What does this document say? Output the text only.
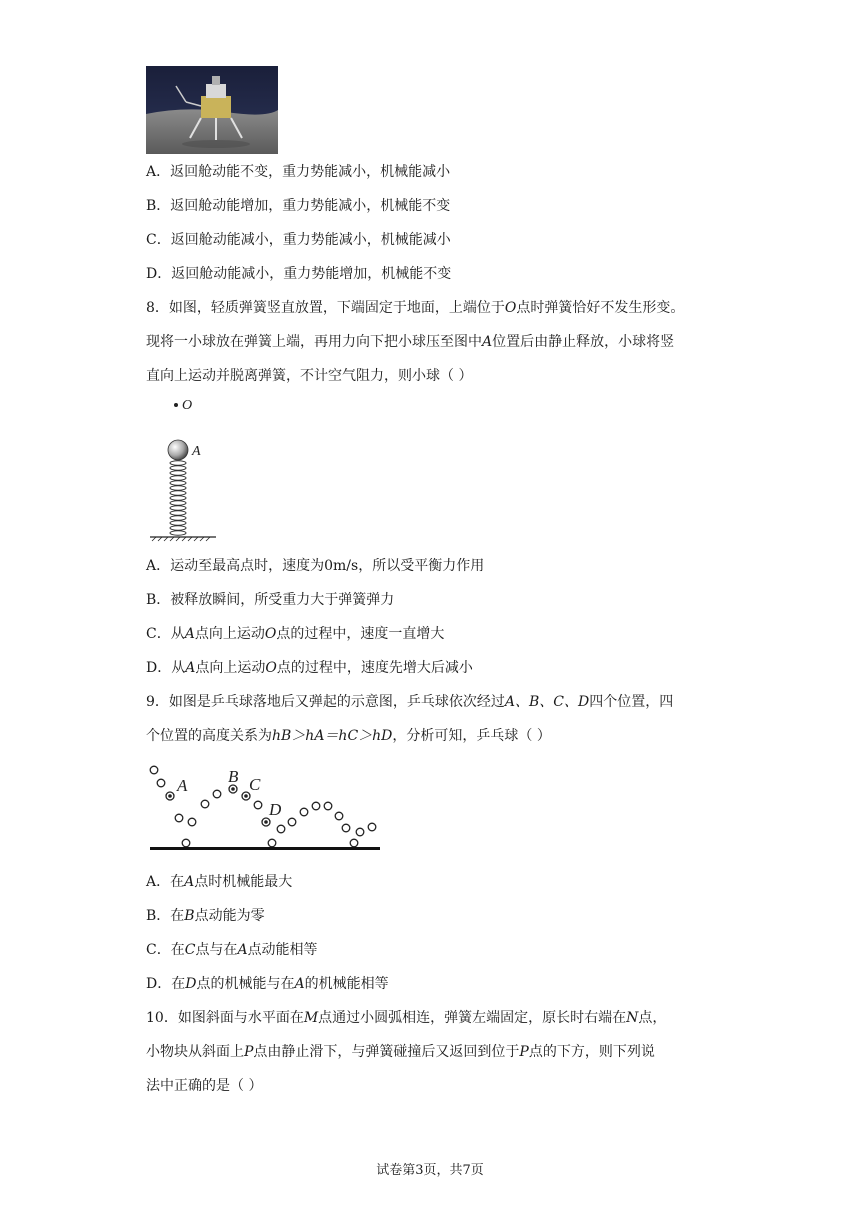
A．返回舱动能不变，重力势能减小，机械能减小
B．返回舱动能增加，重力势能减小，机械能不变
C．返回舱动能减小，重力势能减小，机械能减小
D．返回舱动能减小，重力势能增加，机械能不变
8．如图，轻质弹簧竖直放置，下端固定于地面，上端位于O点时弹簧恰好不发生形变。
现将一小球放在弹簧上端，再用力向下把小球压至图中A位置后由静止释放，小球将竖
直向上运动并脱离弹簧，不计空气阻力，则小球（ ）
O
A
A．运动至最高点时，速度为0m/s，所以受平衡力作用
B．被释放瞬间，所受重力大于弹簧弹力
C．从A点向上运动O点的过程中，速度一直增大
D．从A点向上运动O点的过程中，速度先增大后减小
9．如图是乒乓球落地后又弹起的示意图，乒乓球依次经过A、B、C、D四个位置，四
个位置的高度关系为hB＞hA＝hC＞hD，分析可知，乒乓球（ ）
A B C
D
A．在A点时机械能最大
B．在B点动能为零
C．在C点与在A点动能相等
D．在D点的机械能与在A的机械能相等
10．如图斜面与水平面在M点通过小圆弧相连，弹簧左端固定，原长时右端在N点，
小物块从斜面上P点由静止滑下，与弹簧碰撞后又返回到位于P点的下方，则下列说
法中正确的是（ ）
试卷第3页，共7页
